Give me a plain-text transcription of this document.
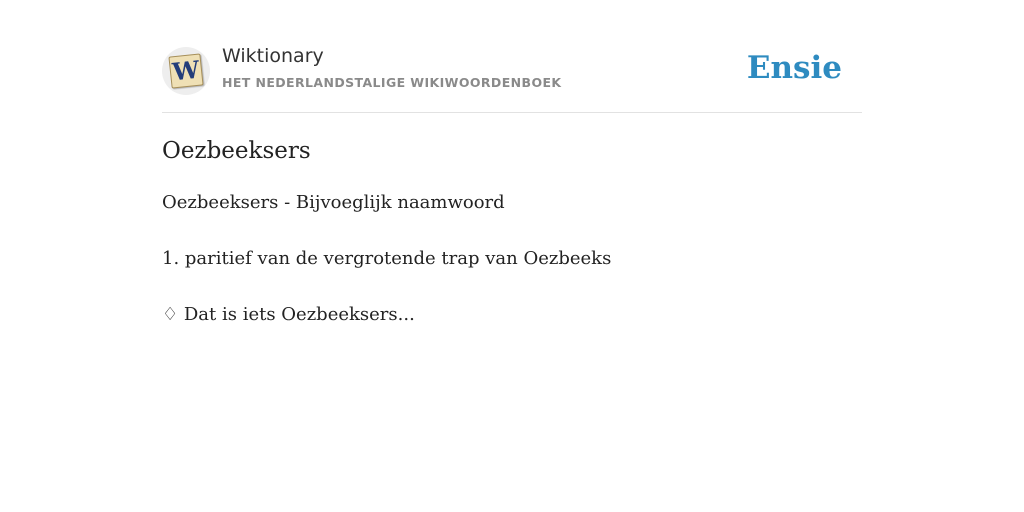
W Wiktionary
HET NEDERLANDSTALIGE WIKIWOORDENBOEK	Ensie
Oezbeeksers

Oezbeeksers - Bijvoeglijk naamwoord

1. paritief van de vergrotende trap van Oezbeeks

♢ Dat is iets Oezbeeksers...
